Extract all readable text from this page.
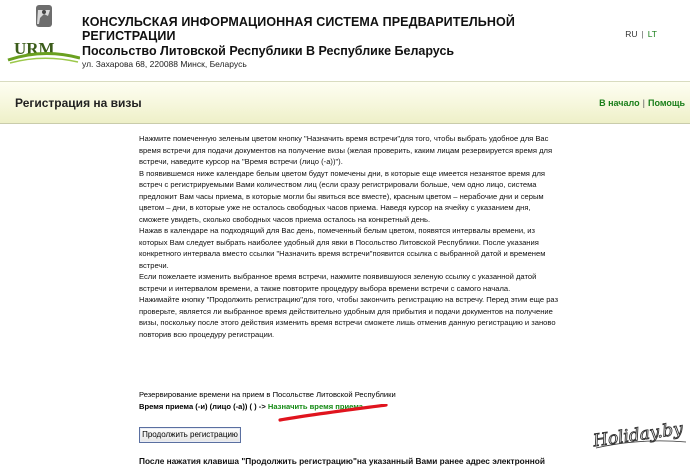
URM
КОНСУЛЬСКАЯ ИНФОРМАЦИОННАЯ СИСТЕМА ПРЕДВАРИТЕЛЬНОЙ
РЕГИСТРАЦИИ
Посольство Литовской Республики В Республике Беларусь
ул. Захарова 68, 220088 Минск, Беларусь
RU | LT
Регистрация на визы	В начало | Помощь

Нажмите помеченную зеленым цветом кнопку "Назначить время встречи"для того, чтобы выбрать удобное для Вас время встречи для подачи документов на получение визы (желая проверить, каким лицам резервируется время для встречи, наведите курсор на "Время встречи (лицо (-а))").

В появившемся ниже календаре белым цветом будут помечены дни, в которые еще имеется незанятое время для встреч с регистрируемыми Вами количеством лиц (если сразу регистрировали больше, чем одно лицо, система предложит Вам часы приема, в которые могли бы явиться все вместе), красным цветом – нерабочие дни и серым цветом – дни, в которые уже не осталось свободных часов приема. Наведя курсор на ячейку с указанием дня, сможете увидеть, сколько свободных часов приема осталось на конкретный день.

Нажав в календаре на подходящий для Вас день, помеченный белым цветом, появятся интервалы времени, из которых Вам следует выбрать наиболее удобный для явки в Посольство Литовской Республики. После указания конкретного интервала вместо ссылки "Назначить время встречи"появится ссылка с выбранной датой и временем встречи.

Если пожелаете изменить выбранное время встречи, нажмите появившуюся зеленую ссылку с указанной датой встречи и интервалом времени, а также повторите процедуру выбора времени встречи с самого начала.

Нажимайте кнопку "Продолжить регистрацию"для того, чтобы закончить регистрацию на встречу. Перед этим еще раз проверьте, является ли выбранное время действительно удобным для прибытия и подачи документов на получение визы, поскольку после этого действия изменить время встречи сможете лишь отменив данную регистрацию и заново повторив всю процедуру регистрации.

Резервирование времени на прием в Посольстве Литовской Республики
Время приема (-и) (лицо (-а)) ( ) -> Назначить время приема
Продолжить регистрацию
После нажатия клавиша "Продолжить регистрацию"на указанный Вами ранее адрес электронной
Holiday.by
